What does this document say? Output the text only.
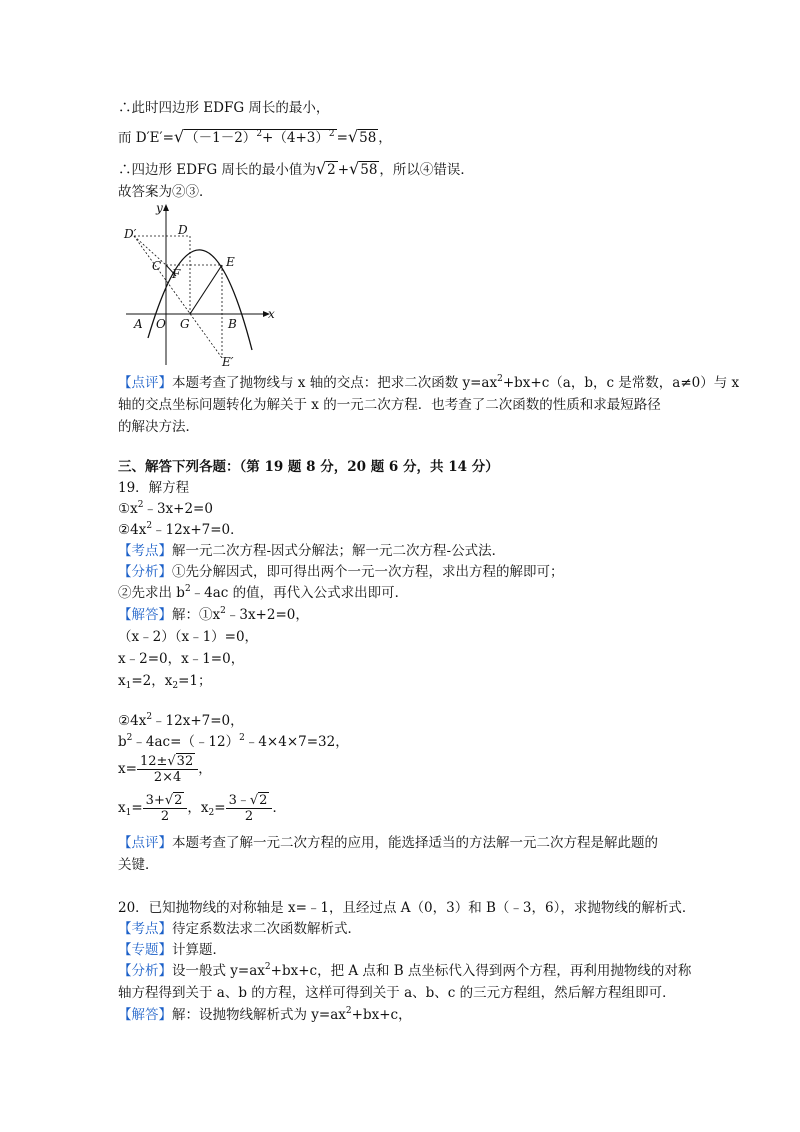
∴此时四边形 EDFG 周长的最小，
而 $D'E'=√(-1-2)^2+(4+3)^2 =√58$ ，
∴四边形 EDFG 周长的最小值为√2 +√58 ，所以④错误．
故答案为②③．
y
x
D
D′
C
F
E
A O G	B
E′
【点评】本题考查了抛物线与 x 轴的交点：把求二次函数 $y=ax^2+bx+c(a$，b，c 是常数，a≠0）与 x
轴的交点坐标问题转化为解关于 x 的一元二次方程．也考查了二次函数的性质和求最短路径
的解决方法．
三、解答下列各题：（第 19 题 8 分，20 题 6 分，共 14 分）
19．解方程
$①x^2﹣3x+2=0$
$②4x^2﹣12x+7=0$．
【考点】解一元二次方程-因式分解法；解一元二次方程-公式法．
【分析】①先分解因式，即可得出两个一元一次方程，求出方程的解即可；
②先求出 $b^2﹣4ac$ 的值，再代入公式求出即可．
【解答】解：$①x^2﹣3x+2=0$，
（x﹣2）（x﹣1）=0，
x﹣2=0，x﹣1=0，
$x_1=2$，$x_2=1$；
$②4x^2﹣12x+7=0$，
$b^2﹣4ac=(﹣12)^2﹣4\times 4\times 7=32$，
$x= \frac{12\pm√32}{2\times 4}$ ，
$x_1= \frac{3+√2}{2}$ ，$x_2= \frac{3﹣√2}{2}$ ．
【点评】本题考查了解一元二次方程的应用，能选择适当的方法解一元二次方程是解此题的
关键．
20．已知抛物线的对称轴是 x=﹣1，且经过点 A（0，3）和 B（﹣3，6），求抛物线的解析式．
【考点】待定系数法求二次函数解析式．
【专题】计算题．
【分析】设一般式 $y=ax^2+bx+c$，把 A 点和 B 点坐标代入得到两个方程，再利用抛物线的对称
轴方程得到关于 a、b 的方程，这样可得到关于 a、b、c 的三元方程组，然后解方程组即可．
【解答】解：设抛物线解析式为 $y=ax^2+bx+c$，
